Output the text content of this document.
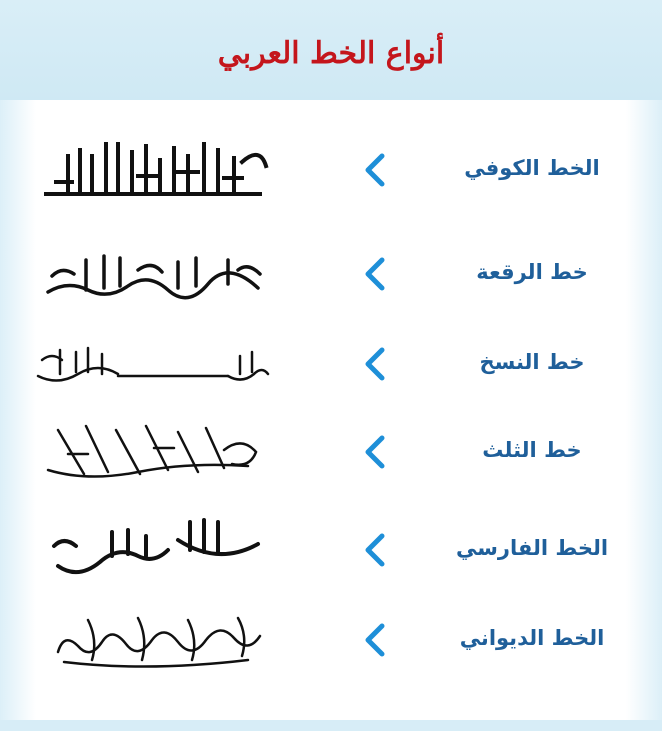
أنواع الخط العربي
الخط الكوفي
خط الرقعة
خط النسخ
خط الثلث
الخط الفارسي
الخط الديواني
